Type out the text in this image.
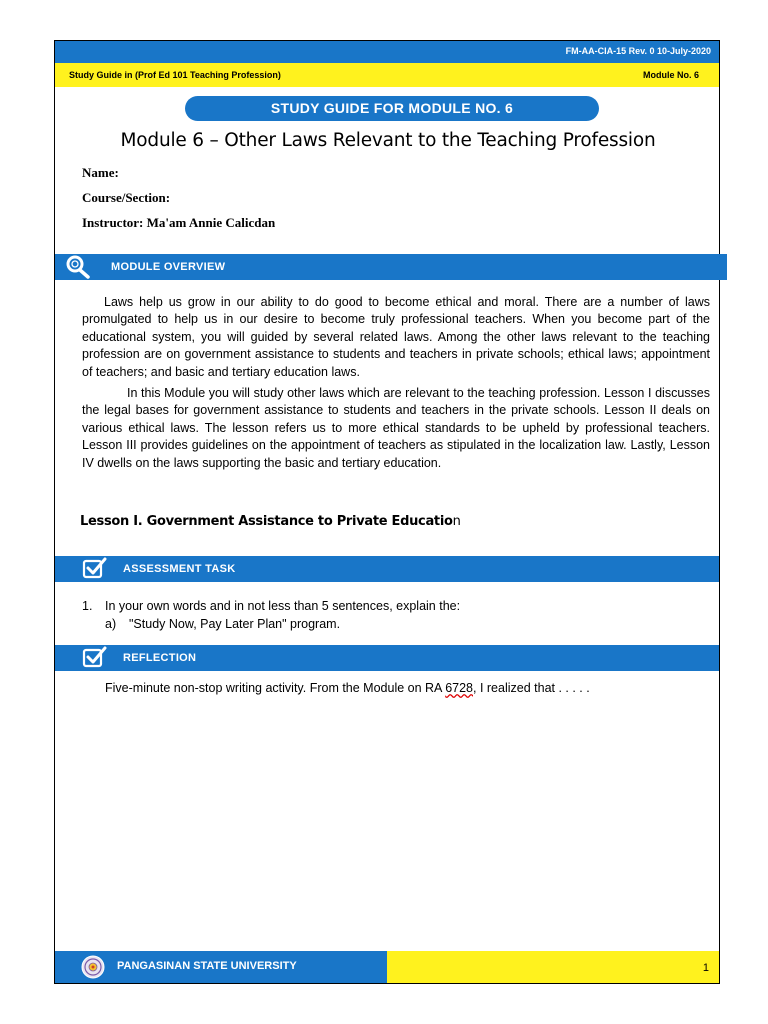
FM-AA-CIA-15 Rev. 0 10-July-2020
Study Guide in (Prof Ed 101 Teaching Profession)	Module No. 6
STUDY GUIDE FOR MODULE NO. 6
Module 6 – Other Laws Relevant to the Teaching Profession
Name:
Course/Section:
Instructor: Ma'am Annie Calicdan
MODULE OVERVIEW

Laws help us grow in our ability to do good to become ethical and moral. There are a number of laws promulgated to help us in our desire to become truly professional teachers. When you become part of the educational system, you will guided by several related laws. Among the other laws relevant to the teaching profession are on government assistance to students and teachers in private schools; ethical laws; appointment of teachers; and basic and tertiary education laws.

In this Module you will study other laws which are relevant to the teaching profession. Lesson I discusses the legal bases for government assistance to students and teachers in the private schools. Lesson II deals on various ethical laws. The lesson refers us to more ethical standards to be upheld by professional teachers. Lesson III provides guidelines on the appointment of teachers as stipulated in the localization law. Lastly, Lesson IV dwells on the laws supporting the basic and tertiary education.

Lesson I. Government Assistance to Private Education
ASSESSMENT TASK
1. In your own words and in not less than 5 sentences, explain the:
a) "Study Now, Pay Later Plan" program.
REFLECTION
Five-minute non-stop writing activity. From the Module on RA 6728, I realized that . . . . .
PANGASINAN STATE UNIVERSITY	1
